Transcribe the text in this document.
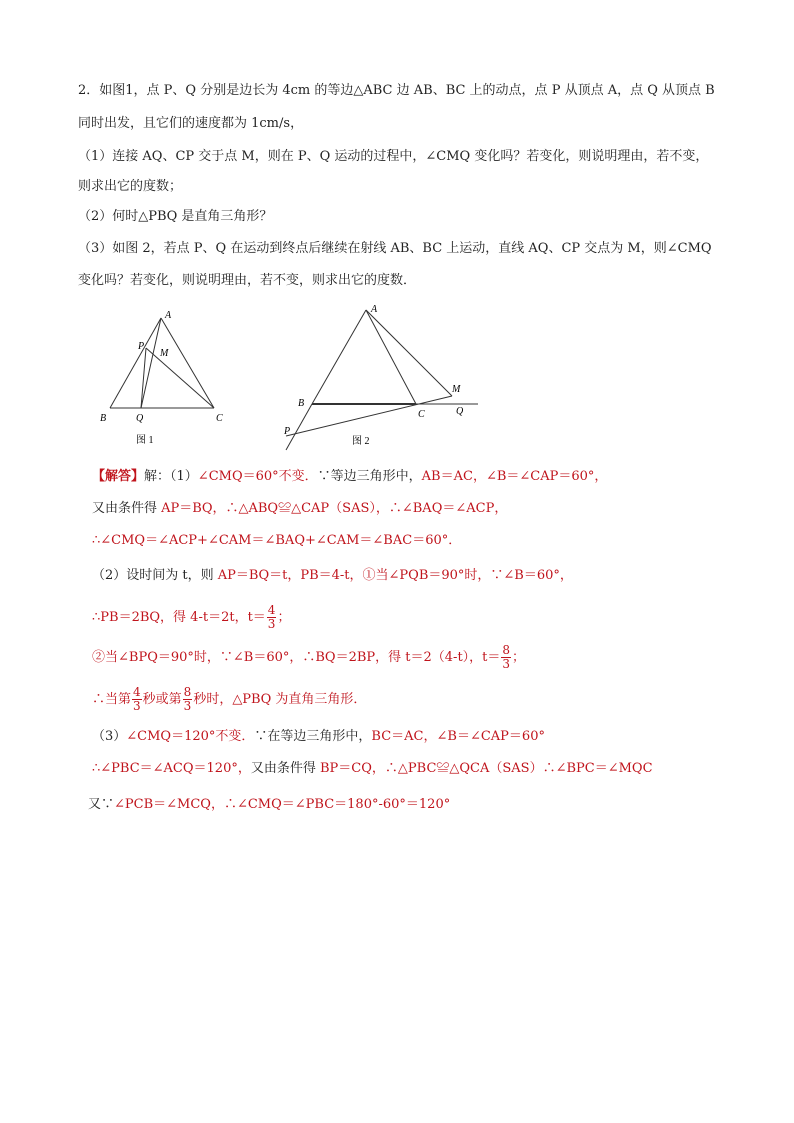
2．如图1，点 P、Q 分别是边长为 4cm 的等边△ABC 边 AB、BC 上的动点，点 P 从顶点 A，点 Q 从顶点 B
同时出发，且它们的速度都为 1cm/s，
（1）连接 AQ、CP 交于点 M，则在 P、Q 运动的过程中，∠CMQ 变化吗？若变化，则说明理由，若不变，
则求出它的度数；
（2）何时△PBQ 是直角三角形？
（3）如图 2，若点 P、Q 在运动到终点后继续在射线 AB、BC 上运动，直线 AQ、CP 交点为 M，则∠CMQ
变化吗？若变化，则说明理由，若不变，则求出它的度数．
A
P
M
B	Q	C
图 1
A
B
C
M
Q
P
图 2
【解答】解：（1）∠CMQ＝60°不变．∵等边三角形中，AB＝AC，∠B＝∠CAP＝60°，
又由条件得 AP＝BQ，∴△ABQ≌△CAP（SAS），∴∠BAQ＝∠ACP，
∴∠CMQ＝∠ACP+∠CAM＝∠BAQ+∠CAM＝∠BAC＝60°．
（2）设时间为 t，则 AP＝BQ＝t，PB＝4-t，①当∠PQB＝90°时，∵∠B＝60°，
∴PB＝2BQ，得 4-t＝2t，$t= \frac{4}{3}$ ；
②当∠BPQ＝90°时，∵∠B＝60°，∴BQ＝2BP，得 t＝2（4-t），$t= \frac{8}{3}$ ；
∴当第 $\frac{4}{3}$ 秒或第 $\frac{8}{3}$ 秒时，△PBQ 为直角三角形．
（3）∠CMQ＝120°不变．∵在等边三角形中，BC＝AC，∠B＝∠CAP＝60°
∴∠PBC＝∠ACQ＝120°，又由条件得 BP＝CQ，∴△PBC≌△QCA（SAS）∴∠BPC＝∠MQC
又∵∠PCB＝∠MCQ，∴∠CMQ＝∠PBC＝180°-60°＝120°
